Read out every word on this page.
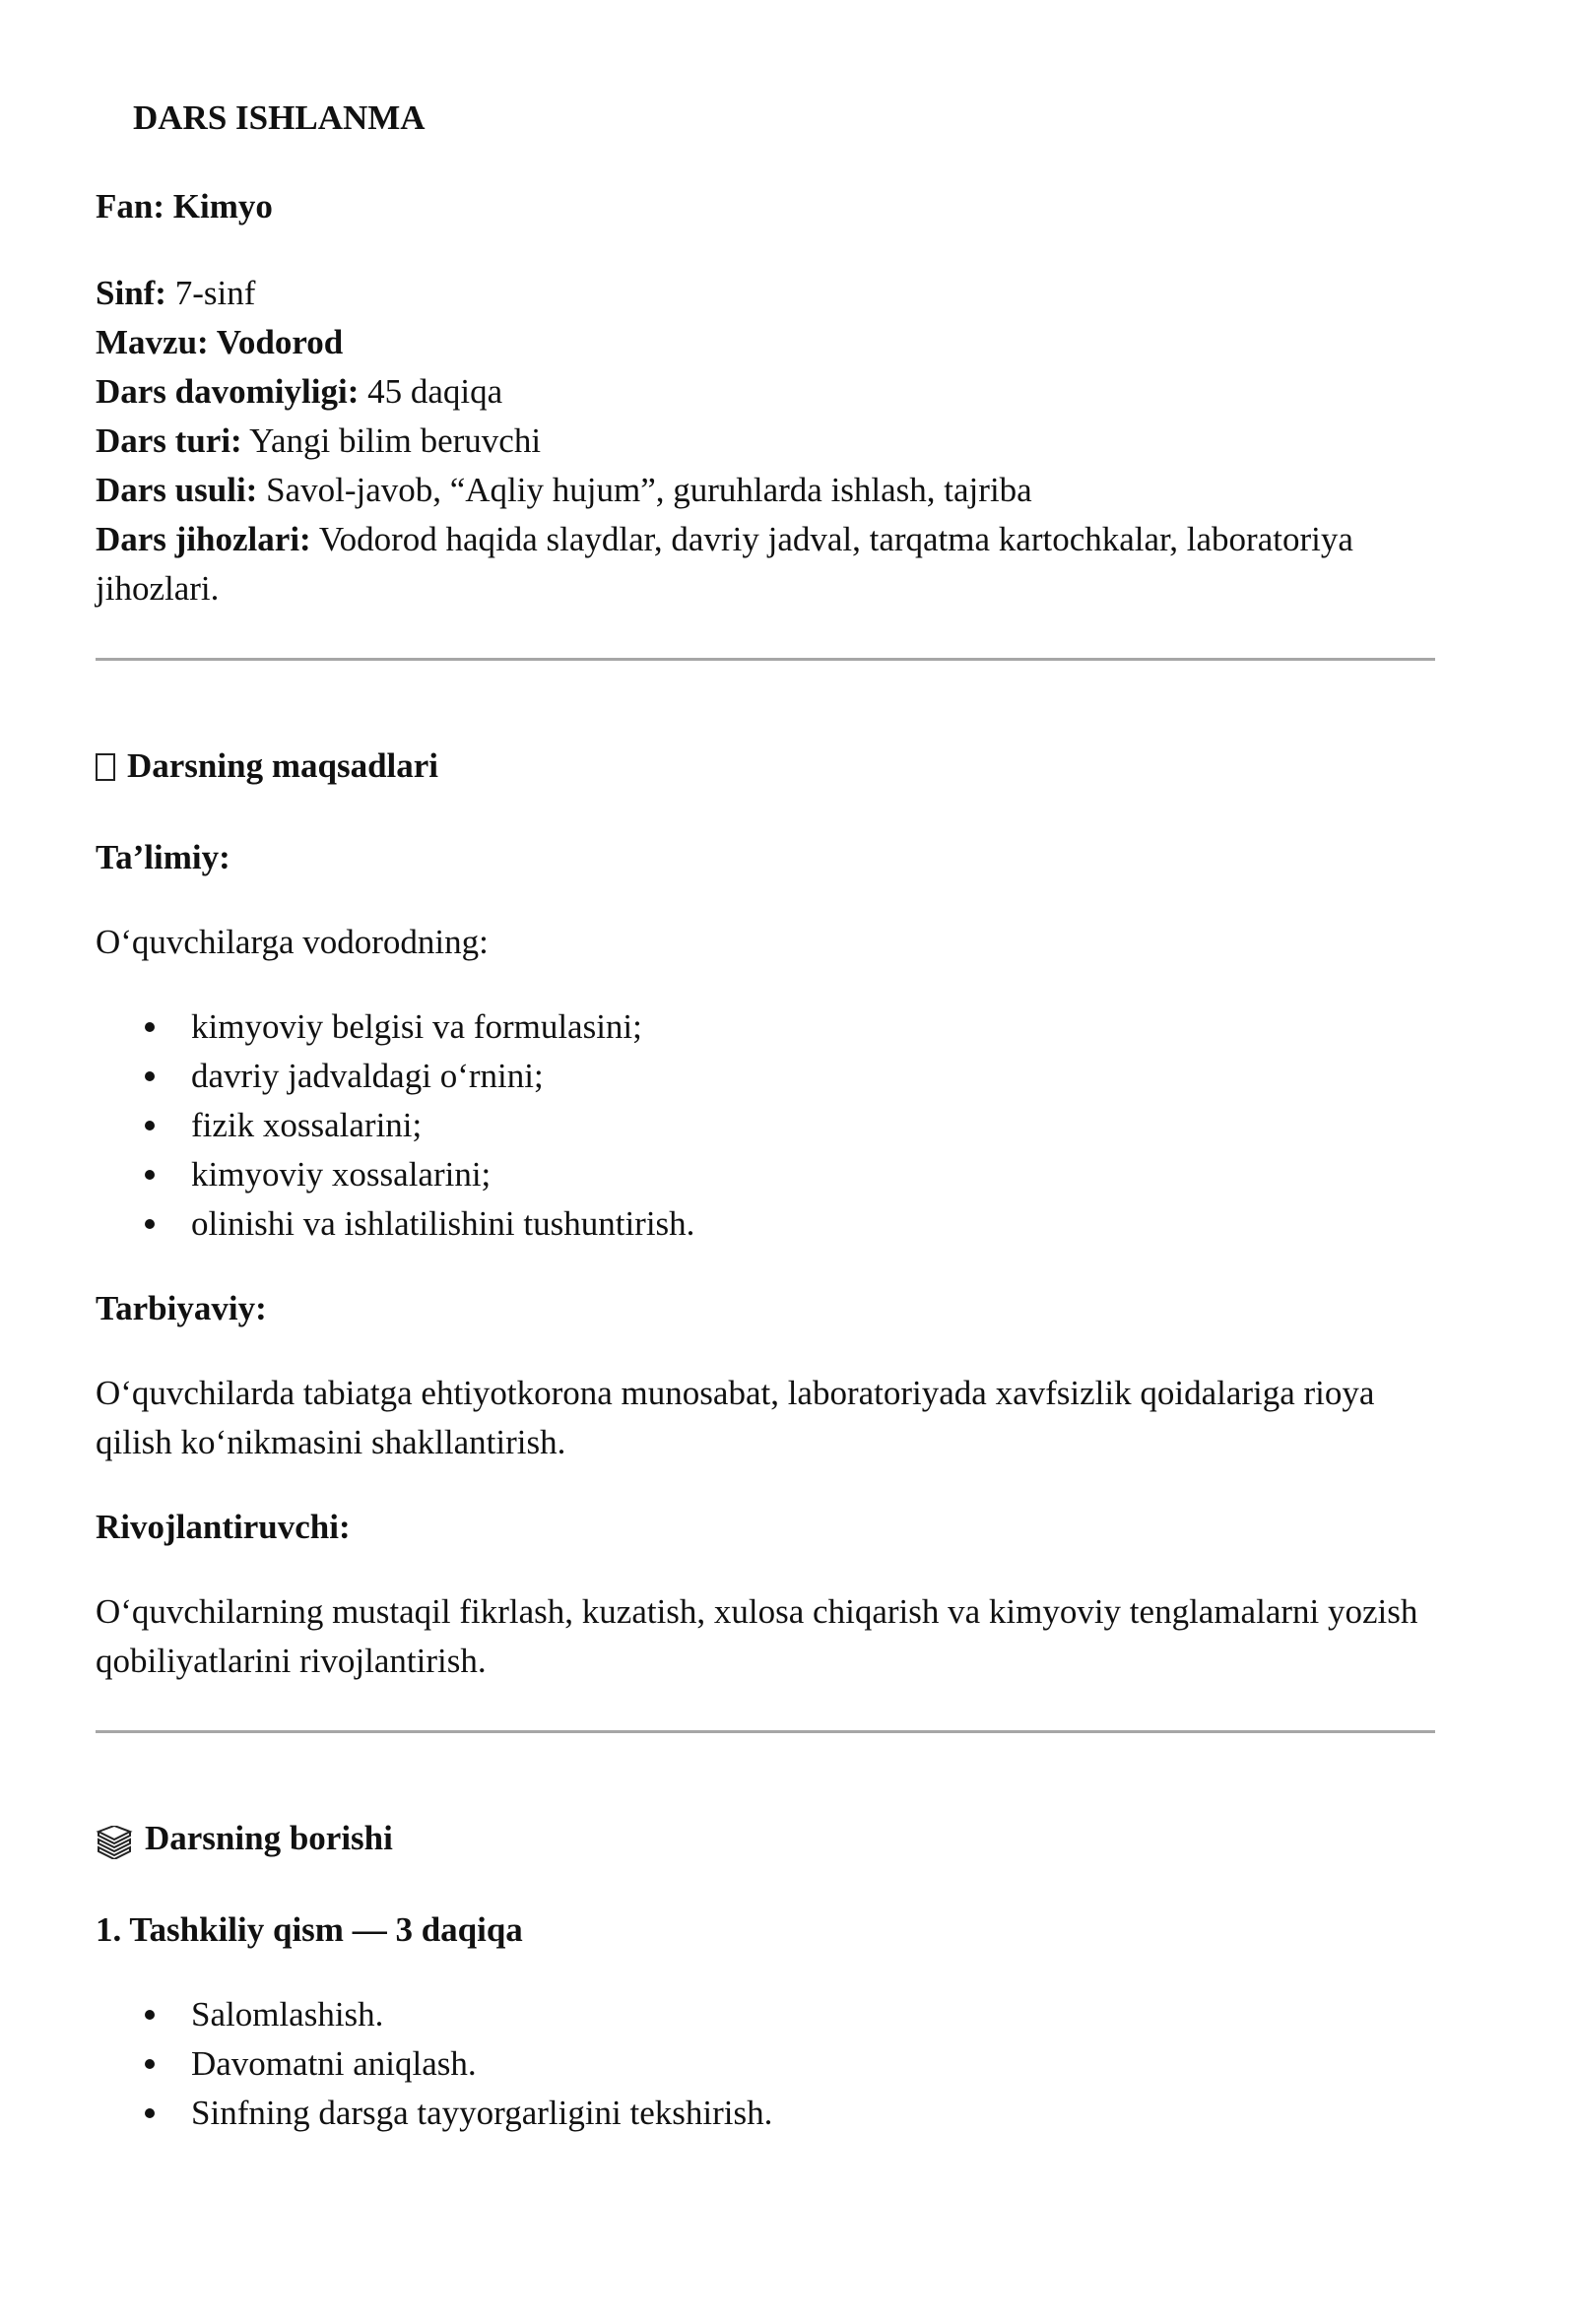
DARS ISHLANMA

Fan: Kimyo

Sinf: 7-sinf
Mavzu: Vodorod
Dars davomiyligi: 45 daqiqa
Dars turi: Yangi bilim beruvchi
Dars usuli: Savol-javob, “Aqliy hujum”, guruhlarda ishlash, tajriba
Dars jihozlari: Vodorod haqida slaydlar, davriy jadval, tarqatma kartochkalar, laboratoriya jihozlari.
Darsning maqsadlari

Ta’limiy:

O‘quvchilarga vodorodning:

kimyoviy belgisi va formulasini;
davriy jadvaldagi o‘rnini;
fizik xossalarini;
kimyoviy xossalarini;
olinishi va ishlatilishini tushuntirish.

Tarbiyaviy:

O‘quvchilarda tabiatga ehtiyotkorona munosabat, laboratoriyada xavfsizlik qoidalariga rioya qilish ko‘nikmasini shakllantirish.

Rivojlantiruvchi:

O‘quvchilarning mustaqil fikrlash, kuzatish, xulosa chiqarish va kimyoviy tenglamalarni yozish qobiliyatlarini rivojlantirish.

Darsning borishi

1. Tashkiliy qism — 3 daqiqa

Salomlashish.
Davomatni aniqlash.
Sinfning darsga tayyorgarligini tekshirish.
